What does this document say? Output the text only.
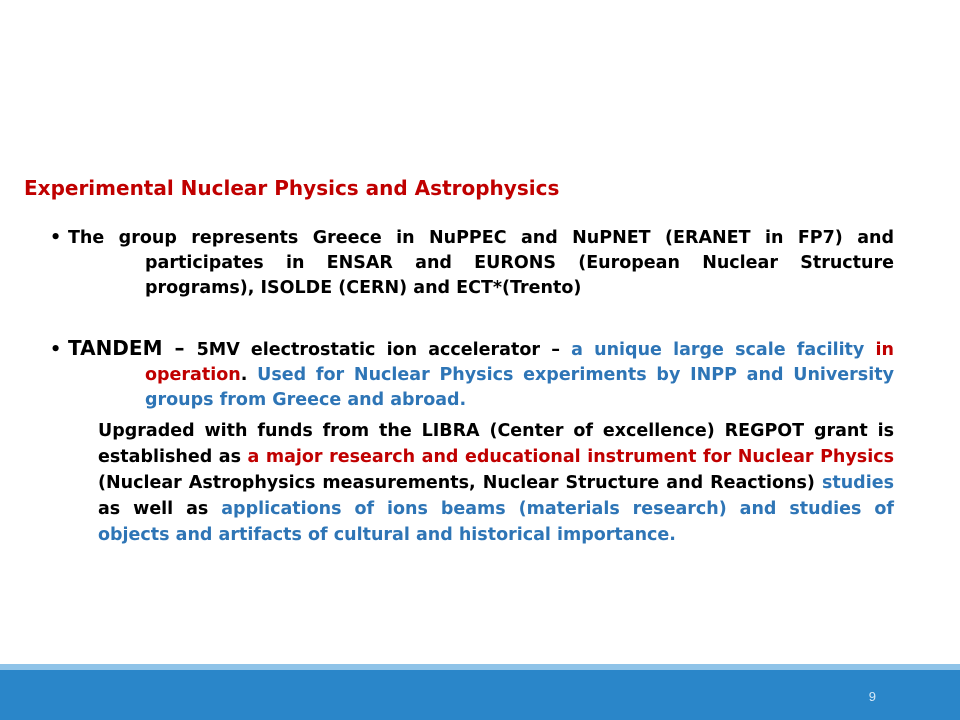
Experimental Nuclear Physics and Astrophysics
• The group represents Greece in NuPPEC and NuPNET (ERANET in FP7) and participates in ENSAR and EURONS (European Nuclear Structure programs), ISOLDE (CERN) and ECT*(Trento)
• TANDEM – 5MV electrostatic ion accelerator – a unique large scale facility in operation. Used for Nuclear Physics experiments by INPP and University groups from Greece and abroad.
Upgraded with funds from the LIBRA (Center of excellence) REGPOT grant is established as a major research and educational instrument for Nuclear Physics (Nuclear Astrophysics measurements, Nuclear Structure and Reactions) studies as well as applications of ions beams (materials research) and studies of objects and artifacts of cultural and historical importance.
9
